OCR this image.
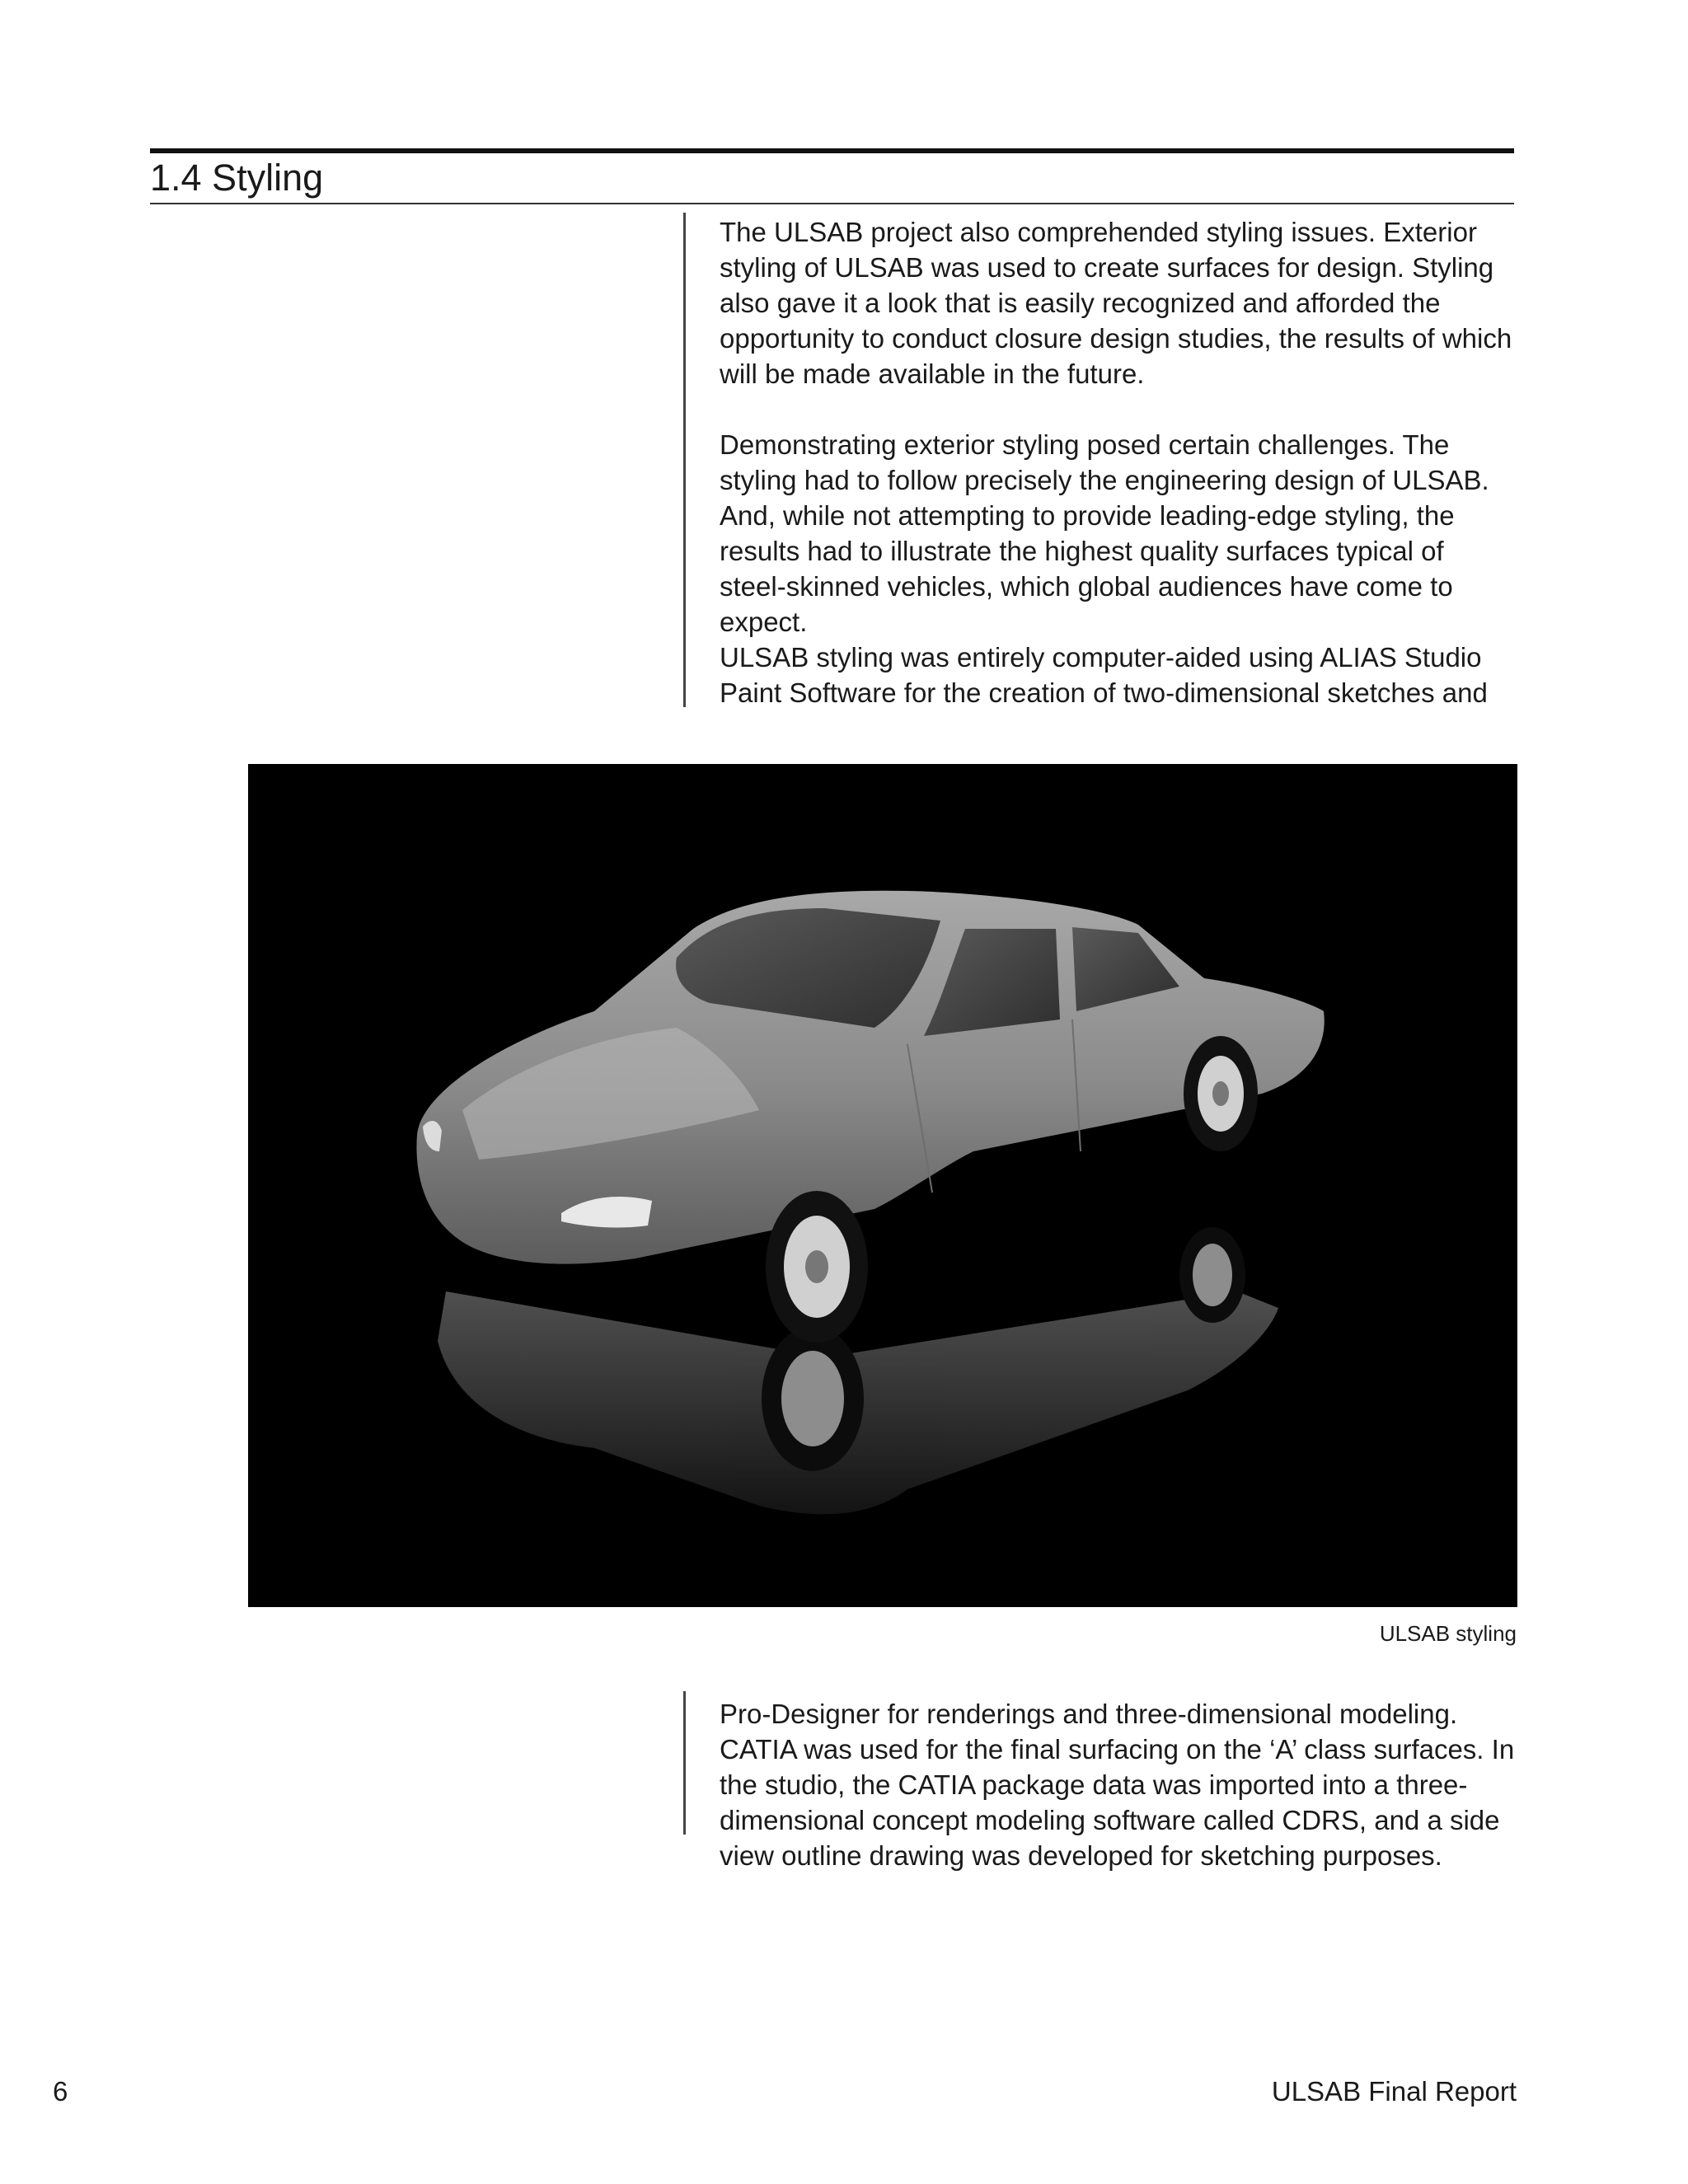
1.4 Styling

The ULSAB project also comprehended styling issues. Exterior styling of ULSAB was used to create surfaces for design. Styling also gave it a look that is easily recognized and afforded the opportunity to conduct closure design studies, the results of which will be made available in the future.

Demonstrating exterior styling posed certain challenges. The styling had to follow precisely the engineering design of ULSAB. And, while not attempting to provide leading-edge styling, the results had to illustrate the highest quality surfaces typical of steel-skinned vehicles, which global audiences have come to expect.

ULSAB styling was entirely computer-aided using ALIAS Studio Paint Software for the creation of two-dimensional sketches and

ULSAB styling

Pro-Designer for renderings and three-dimensional modeling. CATIA was used for the final surfacing on the ‘A’ class surfaces. In the studio, the CATIA package data was imported into a three-dimensional concept modeling software called CDRS, and a side view outline drawing was developed for sketching purposes.

6	ULSAB Final Report
